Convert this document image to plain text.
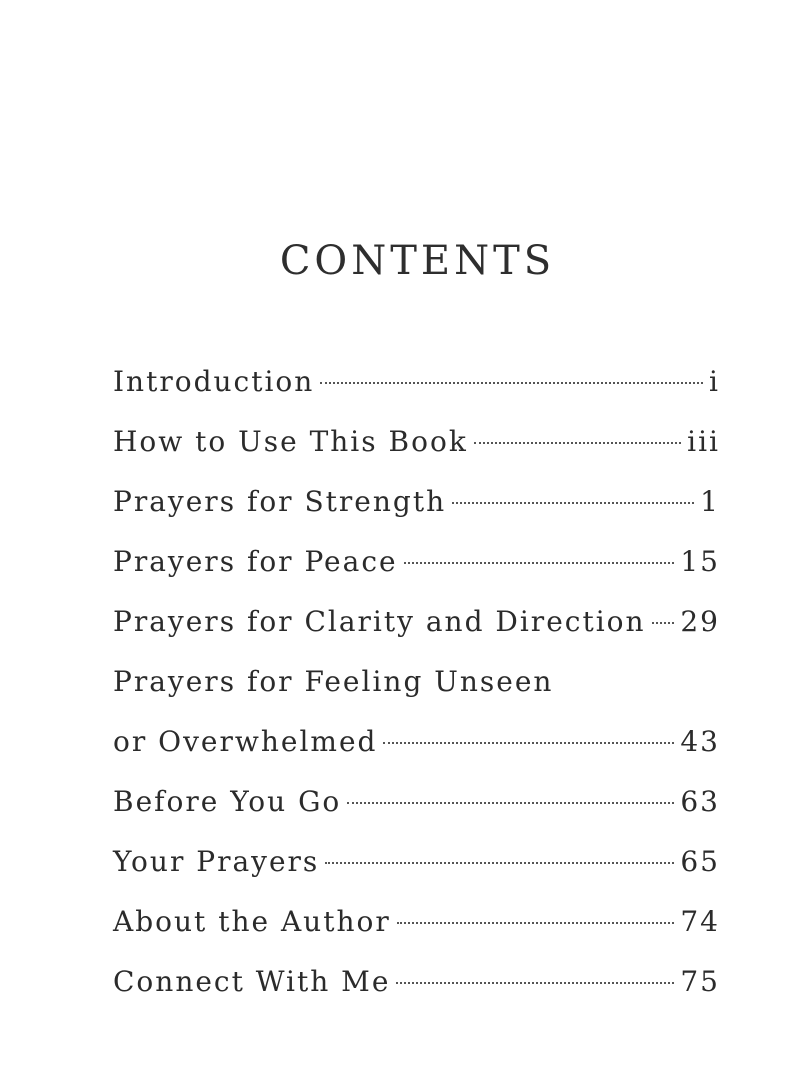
CONTENTS
Introduction	i
How to Use This Book	iii
Prayers for Strength	1
Prayers for Peace	15
Prayers for Clarity and Direction 29
Prayers for Feeling Unseen
or Overwhelmed	43
Before You Go	63
Your Prayers	65
About the Author	74
Connect With Me	75
